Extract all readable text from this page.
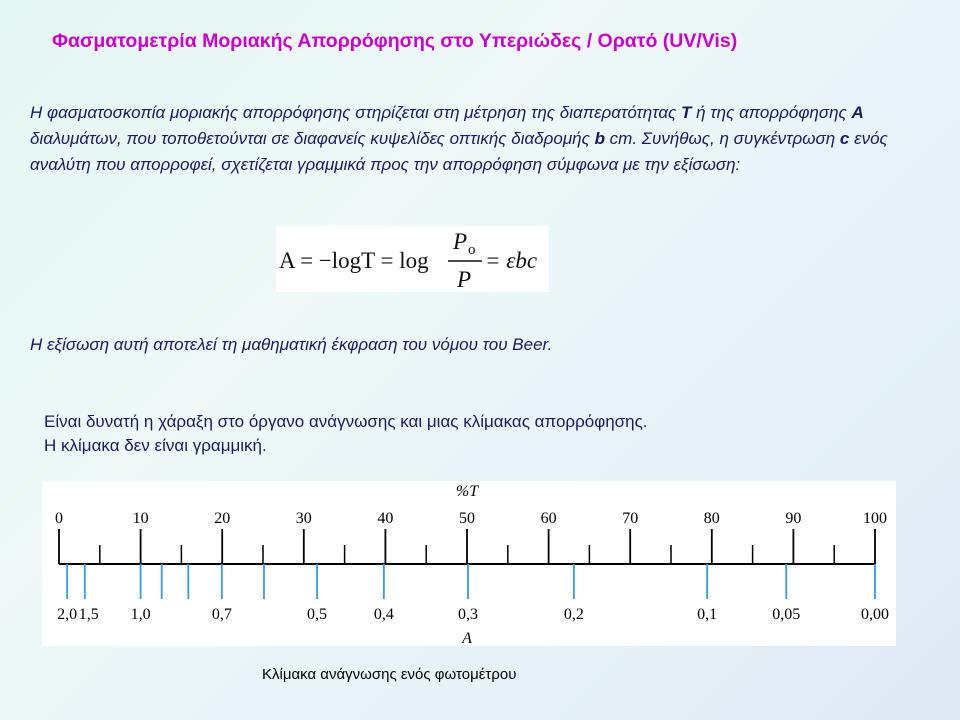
Φασματομετρία Μοριακής Απορρόφησης στο Υπεριώδες / Ορατό (UV/Vis)
Η φασματοσκοπία μοριακής απορρόφησης στηρίζεται στη μέτρηση της διαπερατότητας T ή της απορρόφησης A διαλυμάτων, που τοποθετούνται σε διαφανείς κυψελίδες οπτικής διαδρομής b cm. Συνήθως, η συγκέντρωση c ενός αναλύτη που απορροφεί, σχετίζεται γραμμικά προς την απορρόφηση σύμφωνα με την εξίσωση:
A = −logT = log
P o
P
= εbc
Η εξίσωση αυτή αποτελεί τη μαθηματική έκφραση του νόμου του Beer.
Είναι δυνατή η χάραξη στο όργανο ανάγνωσης και μιας κλίμακας απορρόφησης.
Η κλίμακα δεν είναι γραμμική.
%T
0	10	20	30	40	50	60	70	80	90	100
2,0 1,5 1,0	0,7	0,5	0,4	0,3	0,2	0,1	0,05	0,00
A
Κλίμακα ανάγνωσης ενός φωτομέτρου
